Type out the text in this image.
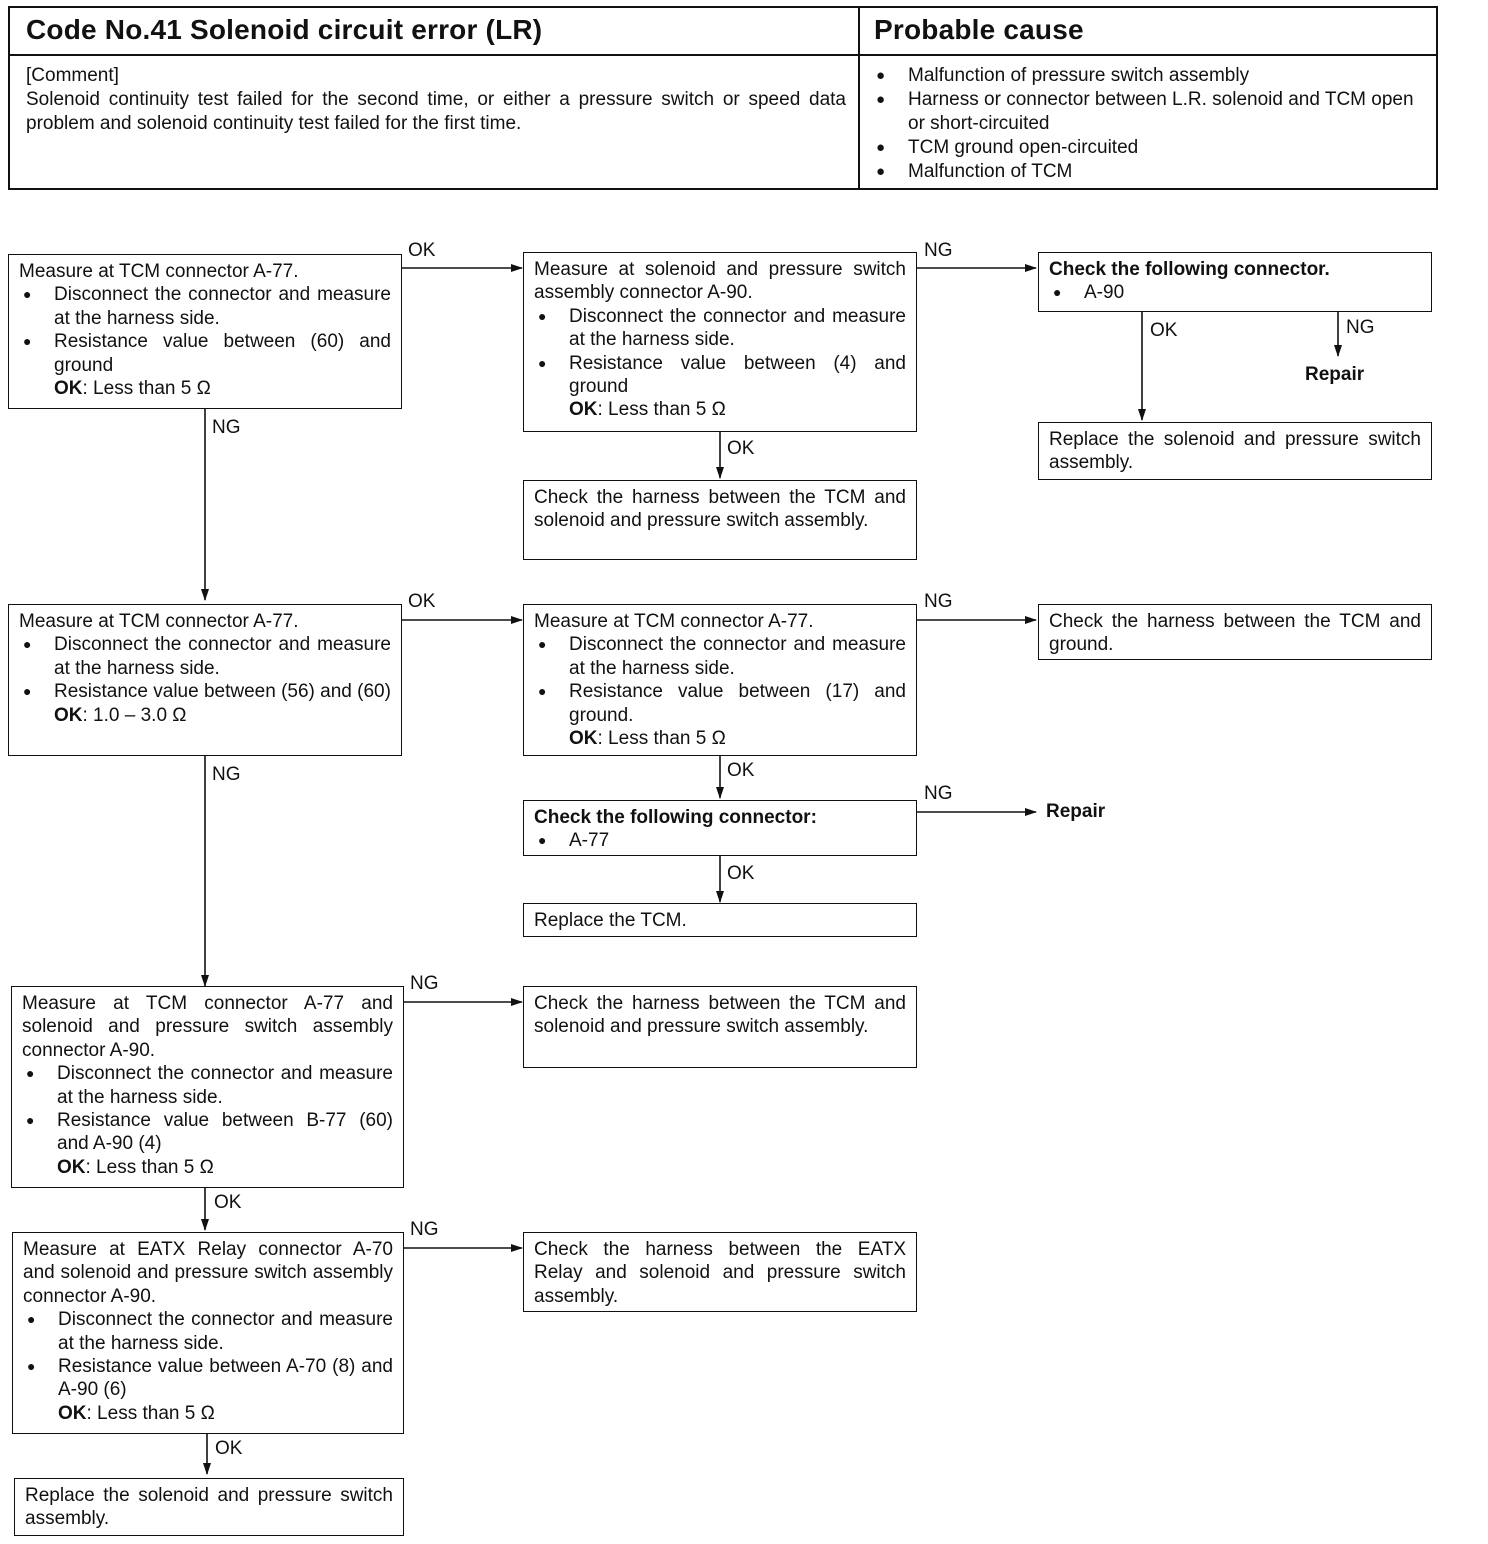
Code No.41 Solenoid circuit error (LR)	Probable cause
[Comment]
Solenoid continuity test failed for the second time, or either a pressure switch or speed data problem and solenoid continuity test failed for the first time.
● Malfunction of pressure switch assembly
● Harness or connector between L.R. solenoid and TCM open or short-circuited
● TCM ground open-circuited
● Malfunction of TCM
Measure at TCM connector A-77.
● Disconnect the connector and measure at the harness side.
● Resistance value between (60) and ground
OK: Less than 5 Ω
Measure at solenoid and pressure switch assembly connector A-90.
● Disconnect the connector and measure at the harness side.
● Resistance value between (4) and ground
OK: Less than 5 Ω
Check the following connector.
● A-90
Replace the solenoid and pressure switch assembly.
Check the harness between the TCM and solenoid and pressure switch assembly.
Measure at TCM connector A-77.
● Disconnect the connector and measure at the harness side.
● Resistance value between (56) and (60)
OK: 1.0 – 3.0 Ω
Measure at TCM connector A-77.
● Disconnect the connector and measure at the harness side.
● Resistance value between (17) and ground.
OK: Less than 5 Ω
Check the harness between the TCM and ground.
Check the following connector:
● A-77
Replace the TCM.
Measure at TCM connector A-77 and solenoid and pressure switch assembly connector A-90.
● Disconnect the connector and measure at the harness side.
● Resistance value between B-77 (60) and A-90 (4)
OK: Less than 5 Ω
Check the harness between the TCM and solenoid and pressure switch assembly.
Measure at EATX Relay connector A-70 and solenoid and pressure switch assembly connector A-90.
● Disconnect the connector and measure at the harness side.
● Resistance value between A-70 (8) and A-90 (6)
OK: Less than 5 Ω
Check the harness between the EATX Relay and solenoid and pressure switch assembly.
Replace the solenoid and pressure switch assembly.
OK	NG
OK	NG
Repair
OK
NG
OK	NG
OK
NG
Repair
OK
NG
NG
OK
NG
OK
